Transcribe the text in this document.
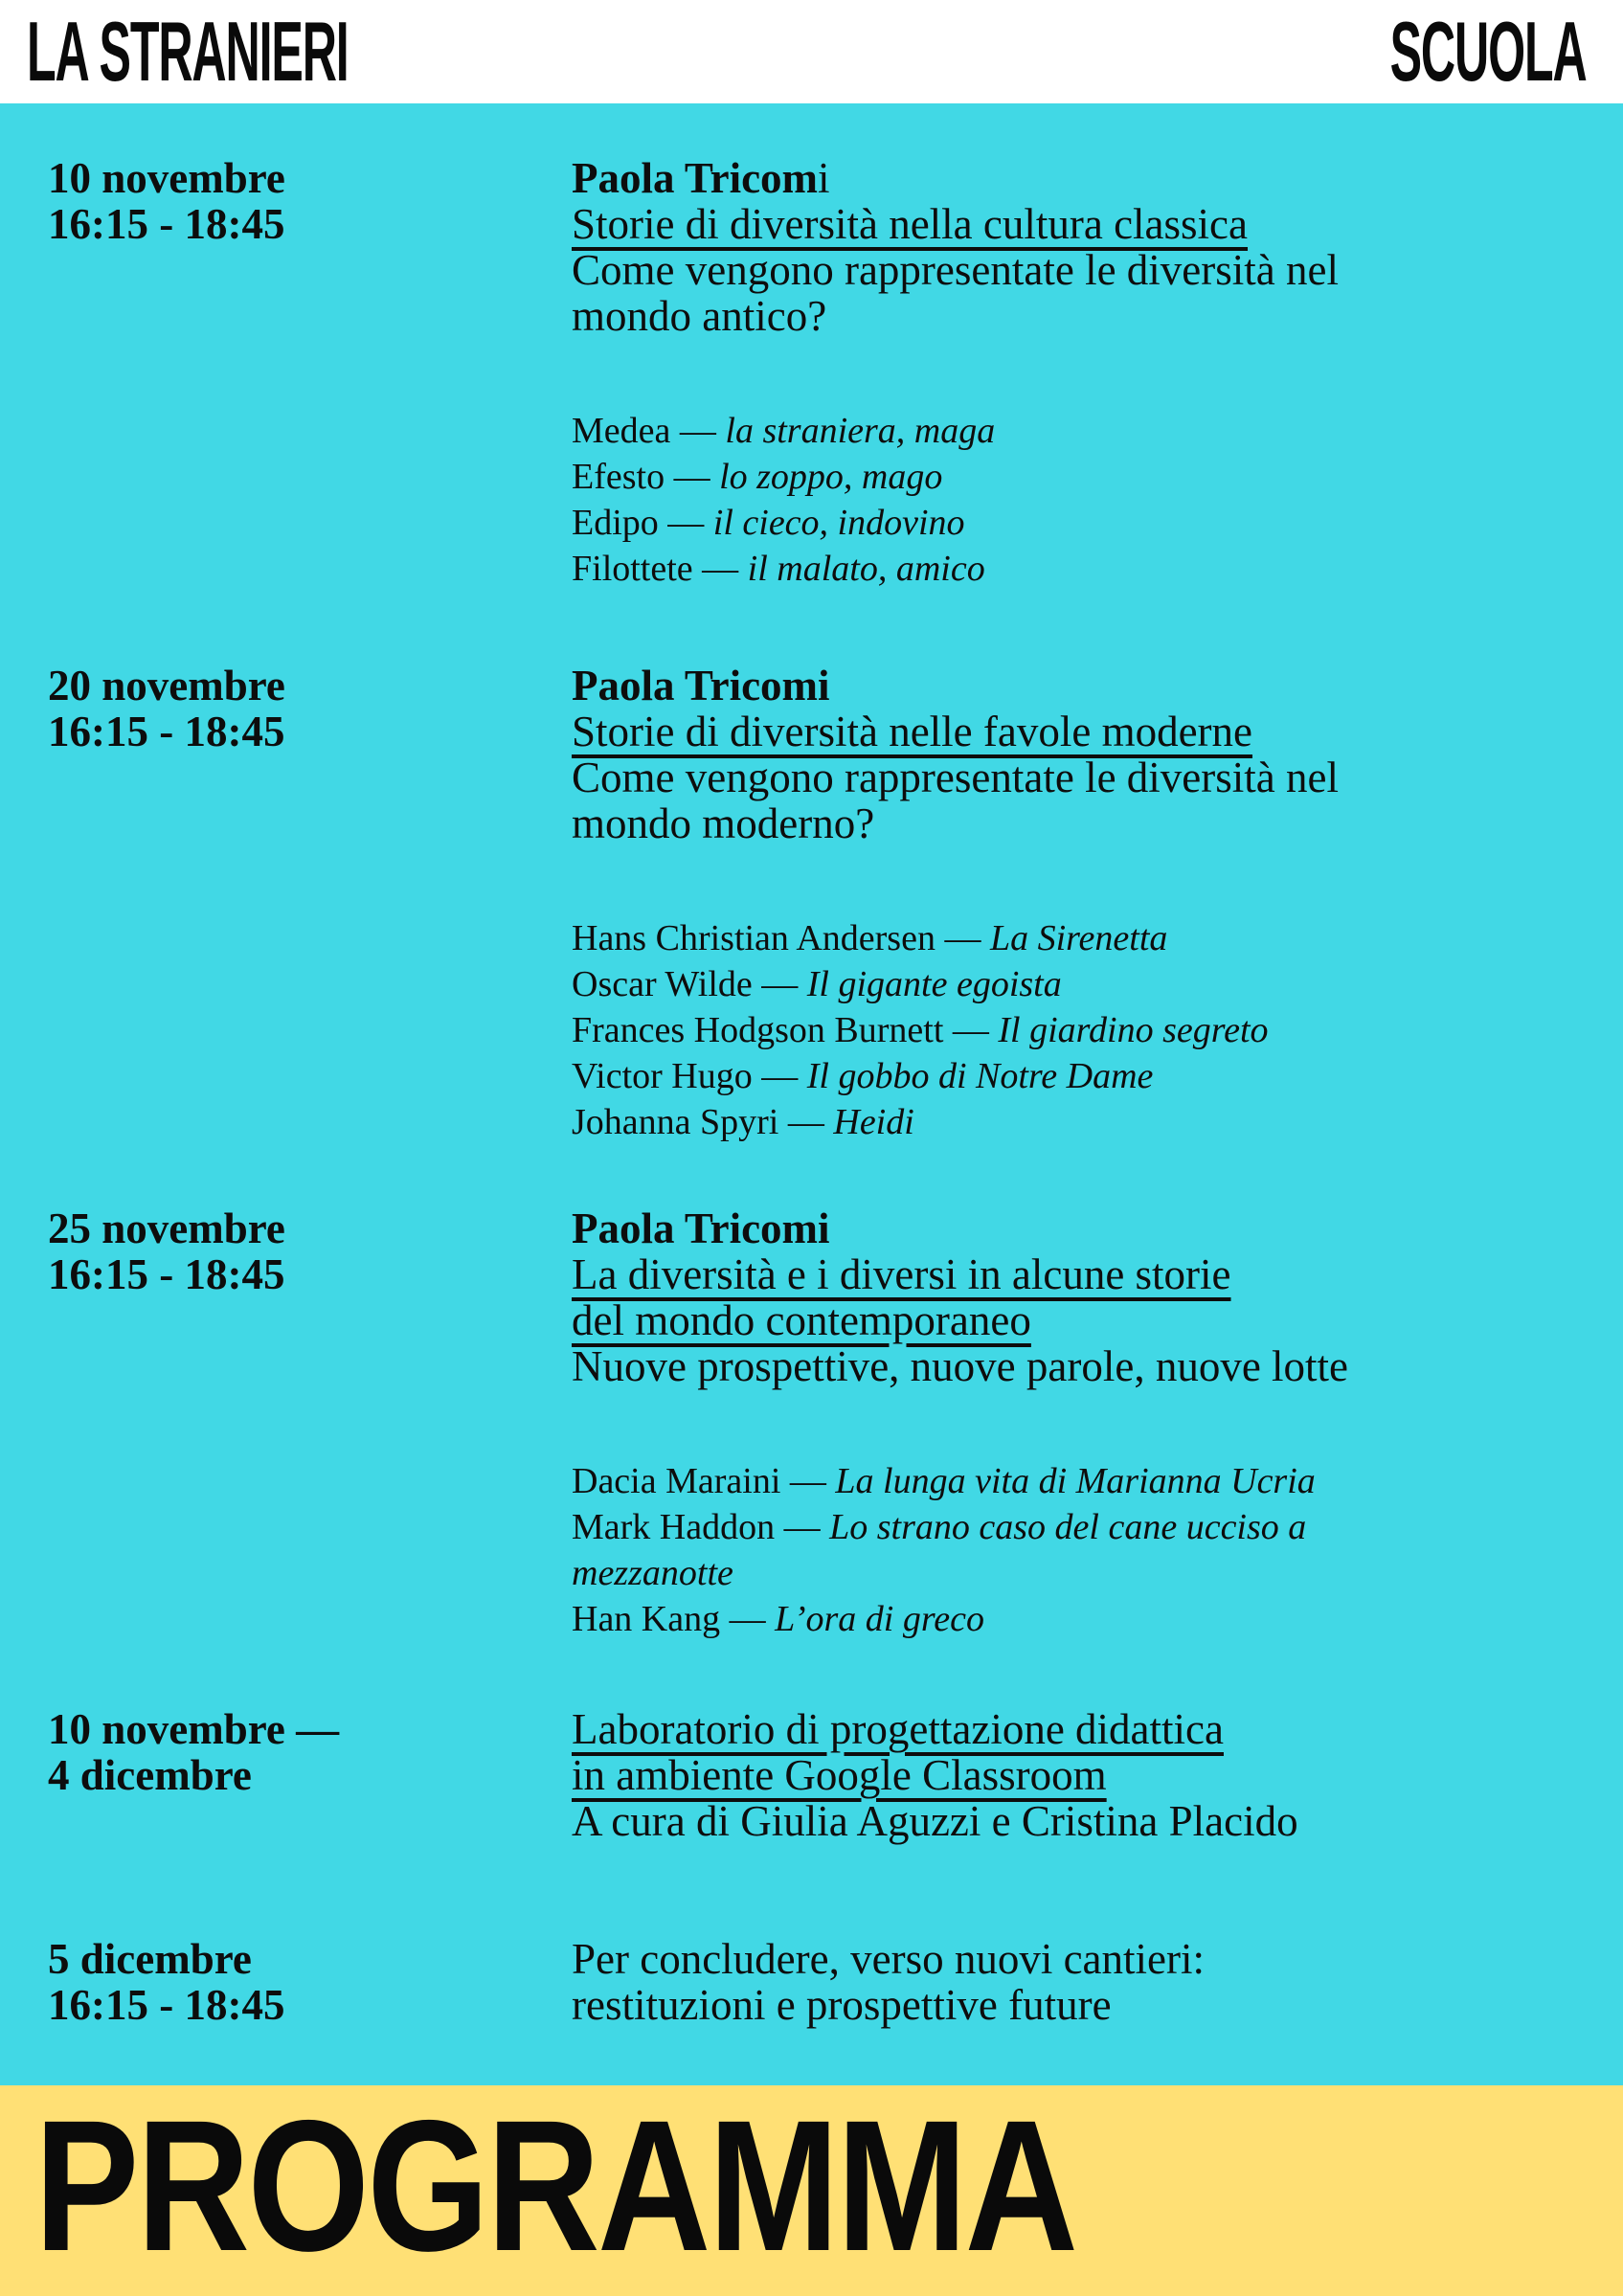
LA STRANIERI	SCUOLA
10 novembre
16:15 - 18:45
Paola Tricomi
Storie di diversità nella cultura classica
Come vengono rappresentate le diversità nel
mondo antico?
Medea — la straniera, maga
Efesto — lo zoppo, mago
Edipo — il cieco, indovino
Filottete — il malato, amico
20 novembre
16:15 - 18:45
Paola Tricomi
Storie di diversità nelle favole moderne
Come vengono rappresentate le diversità nel
mondo moderno?
Hans Christian Andersen — La Sirenetta
Oscar Wilde — Il gigante egoista
Frances Hodgson Burnett — Il giardino segreto
Victor Hugo — Il gobbo di Notre Dame
Johanna Spyri — Heidi
25 novembre
16:15 - 18:45
Paola Tricomi
La diversità e i diversi in alcune storie
del mondo contemporaneo
Nuove prospettive, nuove parole, nuove lotte
Dacia Maraini — La lunga vita di Marianna Ucria
Mark Haddon — Lo strano caso del cane ucciso a
mezzanotte
Han Kang — L’ora di greco
10 novembre —
4 dicembre
Laboratorio di progettazione didattica
in ambiente Google Classroom
A cura di Giulia Aguzzi e Cristina Placido
5 dicembre
16:15 - 18:45
Per concludere, verso nuovi cantieri:
restituzioni e prospettive future
PROGRAMMA
